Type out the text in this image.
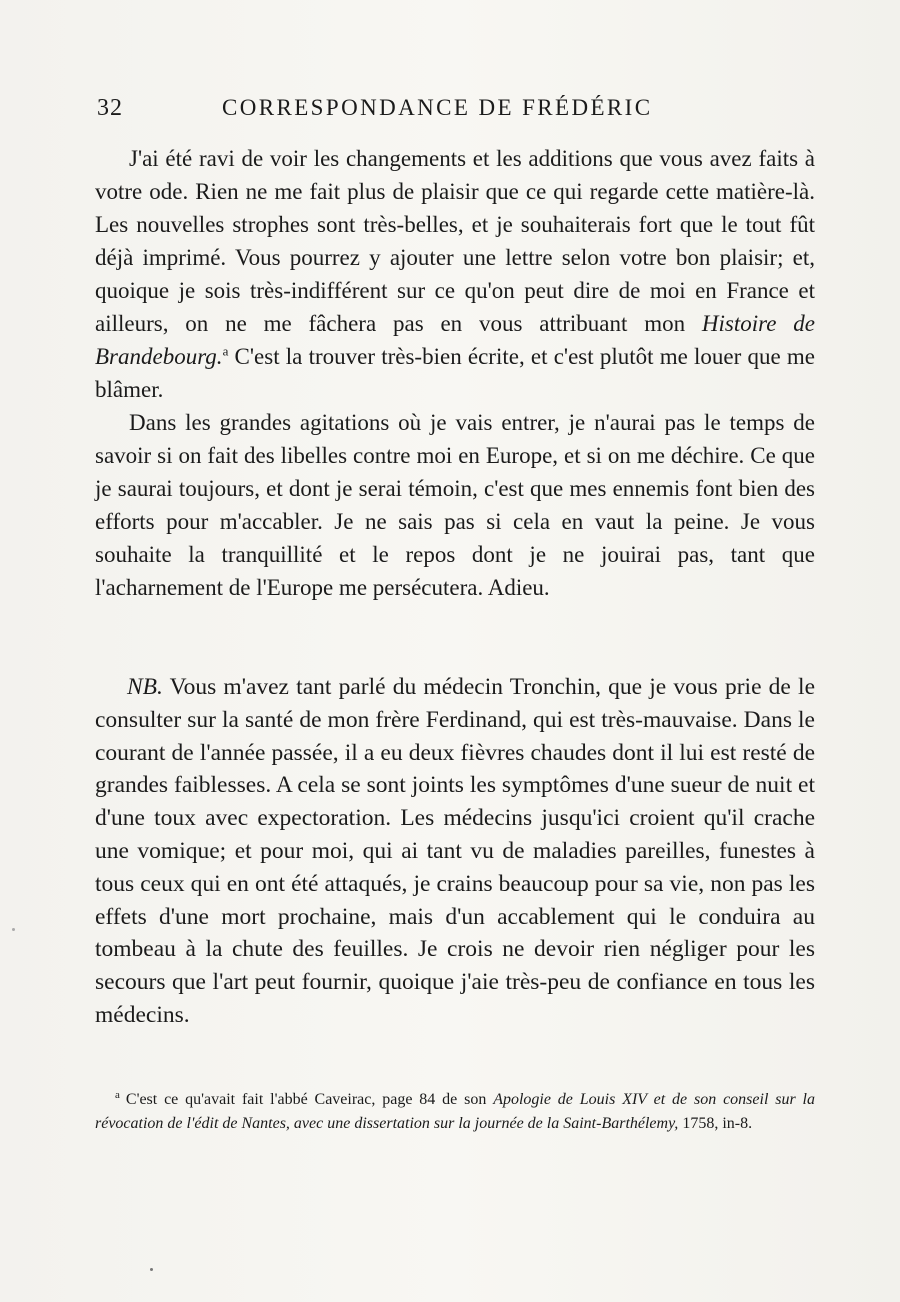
32	CORRESPONDANCE DE FRÉDÉRIC

J'ai été ravi de voir les changements et les additions que vous avez faits à votre ode. Rien ne me fait plus de plaisir que ce qui regarde cette matière-là. Les nouvelles strophes sont très-belles, et je souhaiterais fort que le tout fût déjà imprimé. Vous pourrez y ajouter une lettre selon votre bon plaisir; et, quoique je sois très-indifférent sur ce qu'on peut dire de moi en France et ailleurs, on ne me fâchera pas en vous attribuant mon Histoire de Brandebourg.$^a$ C'est la trouver très-bien écrite, et c'est plutôt me louer que me blâmer.

Dans les grandes agitations où je vais entrer, je n'aurai pas le temps de savoir si on fait des libelles contre moi en Europe, et si on me déchire. Ce que je saurai toujours, et dont je serai témoin, c'est que mes ennemis font bien des efforts pour m'accabler. Je ne sais pas si cela en vaut la peine. Je vous souhaite la tranquillité et le repos dont je ne jouirai pas, tant que l'acharnement de l'Europe me persécutera. Adieu.

NB. Vous m'avez tant parlé du médecin Tronchin, que je vous prie de le consulter sur la santé de mon frère Ferdinand, qui est très-mauvaise. Dans le courant de l'année passée, il a eu deux fièvres chaudes dont il lui est resté de grandes faiblesses. A cela se sont joints les symptômes d'une sueur de nuit et d'une toux avec expectoration. Les médecins jusqu'ici croient qu'il crache une vomique; et pour moi, qui ai tant vu de maladies pareilles, funestes à tous ceux qui en ont été attaqués, je crains beaucoup pour sa vie, non pas les effets d'une mort prochaine, mais d'un accablement qui le conduira au tombeau à la chute des feuilles. Je crois ne devoir rien négliger pour les secours que l'art peut fournir, quoique j'aie très-peu de confiance en tous les médecins.

$^a$ C'est ce qu'avait fait l'abbé Caveirac, page 84 de son Apologie de Louis XIV et de son conseil sur la révocation de l'édit de Nantes, avec une dissertation sur la journée de la Saint-Barthélemy, 1758, in-8.
